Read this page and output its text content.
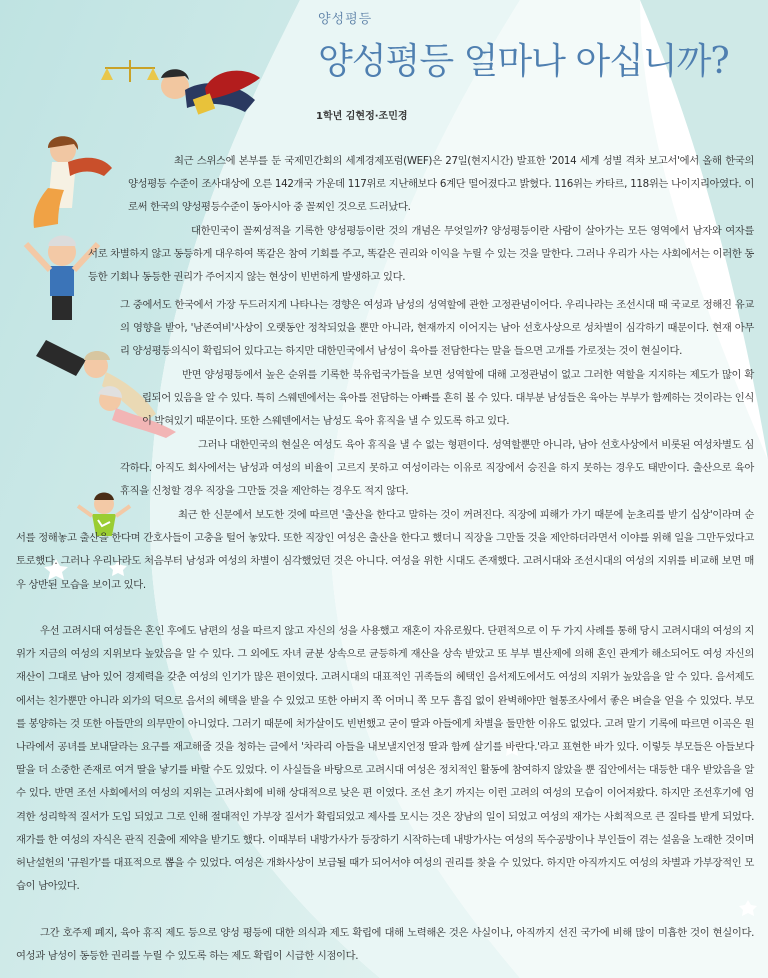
양성평등
양성평등 얼마나 아십니까?
1학년 김현정·조민경

최근 스위스에 본부를 둔 국제민간회의 세계경제포럼(WEF)은 27일(현지시간) 발표한 '2014 세계 성별 격차 보고서'에서 올해 한국의 양성평등 수준이 조사대상에 오른 142개국 가운데 117위로 지난해보다 6계단 떨어졌다고 밝혔다. 116위는 카타르, 118위는 나이지리아였다. 이로써 한국의 양성평등수준이 동아시아 중 꼴찌인 것으로 드러났다.

대한민국이 꼴찌성적을 기록한 양성평등이란 것의 개념은 무엇일까? 양성평등이란 사람이 살아가는 모든 영역에서 남자와 여자를 서로 차별하지 않고 동등하게 대우하여 똑같은 참여 기회를 주고, 똑같은 권리와 이익을 누릴 수 있는 것을 말한다. 그러나 우리가 사는 사회에서는 이러한 동등한 기회나 동등한 권리가 주어지지 않는 현상이 빈번하게 발생하고 있다.

그 중에서도 한국에서 가장 두드러지게 나타나는 경향은 여성과 남성의 성역할에 관한 고정관념이어다. 우리나라는 조선시대 때 국교로 정해진 유교의 영향을 받아, '남존여비'사상이 오랫동안 정착되었을 뿐만 아니라, 현재까지 이어지는 남아 선호사상으로 성차별이 심각하기 때문이다. 현재 아무리 양성평등의식이 확립되어 있다고는 하지만 대한민국에서 남성이 육아를 전담한다는 말을 들으면 고개를 가로젓는 것이 현실이다.

반면 양성평등에서 높은 순위를 기록한 북유럽국가들을 보면 성역할에 대해 고정관념이 없고 그러한 역할을 지지하는 제도가 많이 확립되어 있음을 알 수 있다. 특히 스웨덴에서는 육아를 전담하는 아빠를 흔히 볼 수 있다. 대부분 남성들은 육아는 부부가 함께하는 것이라는 인식이 박혀있기 때문이다. 또한 스웨덴에서는 남성도 육아 휴직을 낼 수 있도록 하고 있다.

그러나 대한민국의 현실은 여성도 육아 휴직을 낼 수 없는 형편이다. 성역할뿐만 아니라, 남아 선호사상에서 비롯된 여성차별도 심각하다. 아직도 회사에서는 남성과 여성의 비율이 고르지 못하고 여성이라는 이유로 직장에서 승진을 하지 못하는 경우도 태반이다. 출산으로 육아 휴직을 신청할 경우 직장을 그만둘 것을 제안하는 경우도 적지 않다.

최근 한 신문에서 보도한 것에 따르면 '출산을 한다고 말하는 것이 꺼려진다. 직장에 피해가 가기 때문에 눈초리를 받기 십상'이라며 순서를 정해놓고 출산을 한다며 간호사들이 고충을 털어 놓았다. 또한 직장인 여성은 출산을 한다고 했더니 직장을 그만둘 것을 제안하더라면서 이야를 위해 일을 그만두었다고 토로했다. 그러나 우리나라도 처음부터 남성과 여성의 차별이 심각했었던 것은 아니다. 여성을 위한 시대도 존재했다. 고려시대와 조선시대의 여성의 지위를 비교해 보면 매우 상반된 모습을 보이고 있다.

우선 고려시대 여성들은 혼인 후에도 남편의 성을 따르지 않고 자신의 성을 사용했고 재혼이 자유로웠다. 단편적으로 이 두 가지 사례를 통해 당시 고려시대의 여성의 지위가 지금의 여성의 지위보다 높았음을 알 수 있다. 그 외에도 자녀 균분 상속으로 균등하게 재산을 상속 받았고 또 부부 별산제에 의해 혼인 관계가 해소되어도 여성 자신의 재산이 그대로 남아 있어 경제력을 갖춘 여성의 인기가 많은 편이였다. 고려시대의 대표적인 귀족들의 혜택인 음서제도에서도 여성의 지위가 높았음을 알 수 있다. 음서제도에서는 친가뿐만 아니라 외가의 덕으로 음서의 혜택을 받을 수 있었고 또한 아버지 쪽 어머니 쪽 모두 흠집 없이 완벽해야만 혈통조사에서 좋은 벼슬을 얻을 수 있었다. 부모를 봉양하는 것 또한 아들만의 의무만이 아니었다. 그러기 때문에 처가살이도 빈번했고 굳이 딸과 아들에게 차별을 둘만한 이유도 없었다. 고려 말기 기록에 따르면 이곡은 원나라에서 공녀를 보내달라는 요구를 재고해줄 것을 청하는 글에서 '차라리 아들을 내보낼지언정 딸과 함께 살기를 바란다.'라고 표현한 바가 있다. 이렇듯 부모들은 아들보다 딸을 더 소중한 존재로 여겨 딸을 낳기를 바랄 수도 있었다. 이 사실들을 바탕으로 고려시대 여성은 정치적인 활동에 참여하지 않았을 뿐 집안에서는 대등한 대우 받았음을 알 수 있다. 반면 조선 사회에서의 여성의 지위는 고려사회에 비해 상대적으로 낮은 편 이였다. 조선 초기 까지는 이런 고려의 여성의 모습이 이어져왔다. 하지만 조선후기에 엄격한 성리학적 질서가 도입 되었고 그로 인해 절대적인 가부장 질서가 확립되었고 제사를 모시는 것은 장남의 일이 되었고 여성의 재가는 사회적으로 큰 질타를 받게 되었다. 재가를 한 여성의 자식은 관직 진출에 제약을 받기도 했다. 이때부터 내방가사가 등장하기 시작하는데 내방가사는 여성의 독수공방이나 부인들이 겪는 설움을 노래한 것이며 허난설헌의 '규원가'를 대표적으로 뽑을 수 있었다. 여성은 개화사상이 보급될 때가 되어서야 여성의 권리를 찾을 수 있었다. 하지만 아직까지도 여성의 차별과 가부장적인 모습이 남아있다.

그간 호주제 폐지, 육아 휴직 제도 등으로 양성 평등에 대한 의식과 제도 확립에 대해 노력해온 것은 사실이나, 아직까지 선진 국가에 비해 많이 미흡한 것이 현실이다. 여성과 남성이 동등한 권리를 누릴 수 있도록 하는 제도 확립이 시급한 시점이다.
